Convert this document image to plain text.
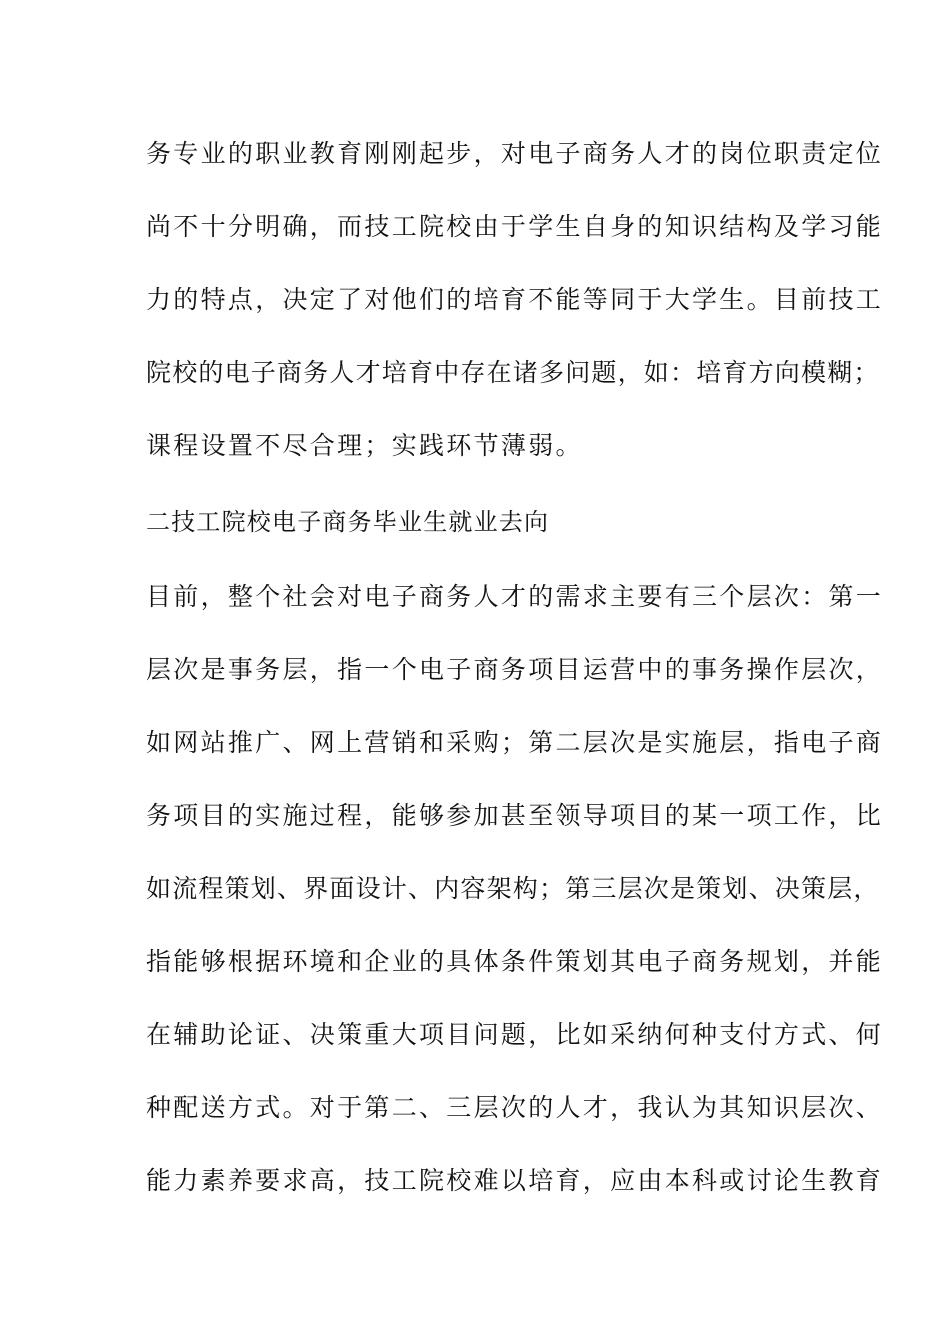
务专业的职业教育刚刚起步，对电子商务人才的岗位职责定位
尚不十分明确，而技工院校由于学生自身的知识结构及学习能
力的特点，决定了对他们的培育不能等同于大学生。目前技工
院校的电子商务人才培育中存在诸多问题，如：培育方向模糊；
课程设置不尽合理；实践环节薄弱。
二技工院校电子商务毕业生就业去向
目前，整个社会对电子商务人才的需求主要有三个层次：第一
层次是事务层，指一个电子商务项目运营中的事务操作层次，
如网站推广、网上营销和采购；第二层次是实施层，指电子商
务项目的实施过程，能够参加甚至领导项目的某一项工作，比
如流程策划、界面设计、内容架构；第三层次是策划、决策层，
指能够根据环境和企业的具体条件策划其电子商务规划，并能
在辅助论证、决策重大项目问题，比如采纳何种支付方式、何
种配送方式。对于第二、三层次的人才，我认为其知识层次、
能力素养要求高，技工院校难以培育，应由本科或讨论生教育
